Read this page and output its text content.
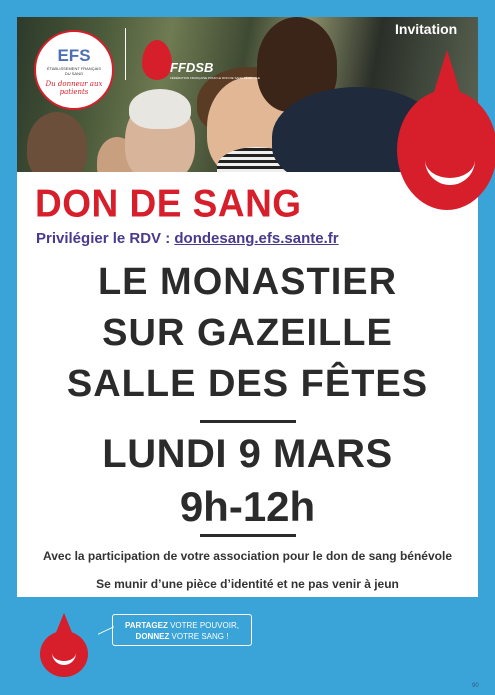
EFS
ÉTABLISSEMENT FRANÇAIS DU SANG
Du donneur aux patients
FFDSB
FÉDÉRATION FRANÇAISE POUR LE DON DE SANG BÉNÉVOLE
Invitation
DON DE SANG
Privilégier le RDV : dondesang.efs.sante.fr
LE MONASTIER
SUR GAZEILLE
SALLE DES FÊTES
LUNDI 9 MARS
9h-12h
Avec la participation de votre association pour le don de sang bénévole
Se munir d’une pièce d’identité et ne pas venir à jeun
PARTAGEZ VOTRE POUVOIR,
DONNEZ VOTRE SANG !
90
